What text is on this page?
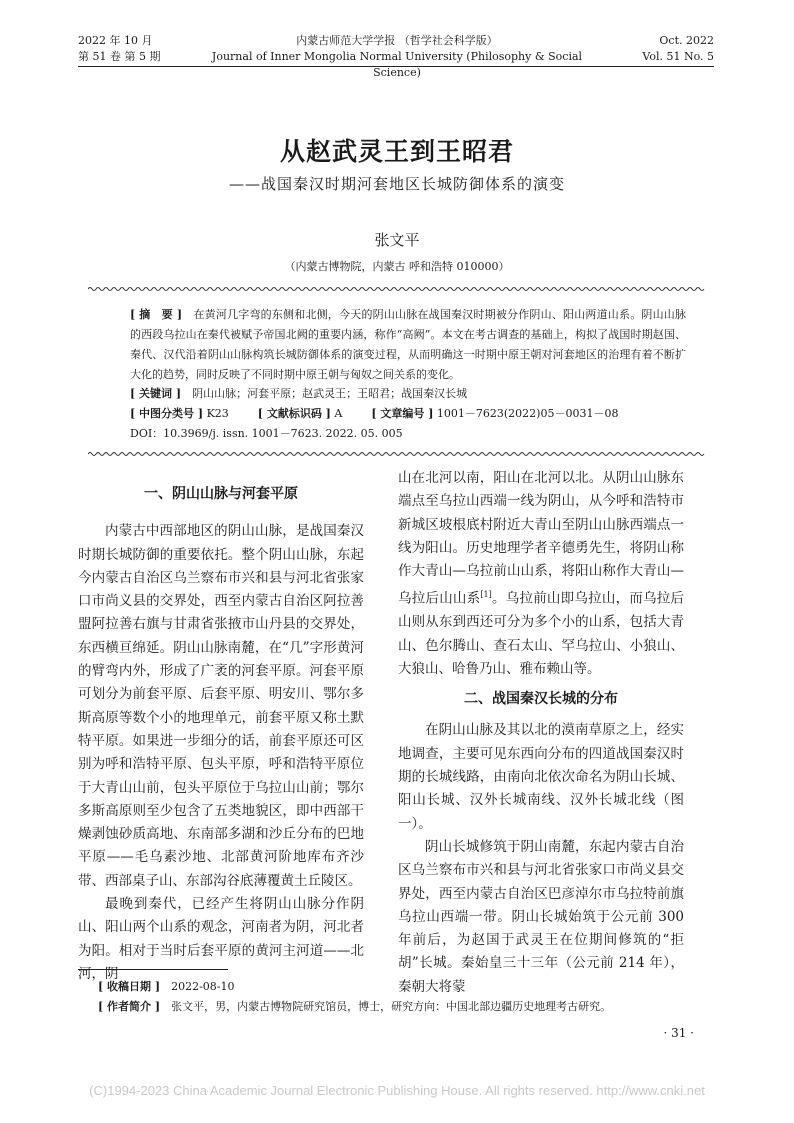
2022 年 10 月
第 51 卷 第 5 期
内蒙古师范大学学报 （哲学社会科学版）
Journal of Inner Mongolia Normal University (Philosophy & Social Science)
Oct. 2022
Vol. 51 No. 5
从赵武灵王到王昭君
——战国秦汉时期河套地区长城防御体系的演变
张文平
（内蒙古博物院，内蒙古 呼和浩特 010000）

[ 摘　要 ]　 在黄河几字弯的东侧和北侧，今天的阴山山脉在战国秦汉时期被分作阴山、阳山两道山系。阴山山脉的西段乌拉山在秦代被赋予帝国北阙的重要内涵，称作“高阙”。本文在考古调查的基础上，构拟了战国时期赵国、秦代、汉代沿着阴山山脉构筑长城防御体系的演变过程，从而明确这一时期中原王朝对河套地区的治理有着不断扩大化的趋势，同时反映了不同时期中原王朝与匈奴之间关系的变化。

[ 关键词 ]　 阴山山脉；河套平原；赵武灵王；王昭君；战国秦汉长城
[ 中图分类号 ] K23	[ 文献标识码 ] A	[ 文章编号 ] 1001－7623(2022)05－0031－08
DOI：10.3969/j. issn. 1001－7623. 2022. 05. 005

一、阴山山脉与河套平原

内蒙古中西部地区的阴山山脉，是战国秦汉时期长城防御的重要依托。整个阴山山脉，东起今内蒙古自治区乌兰察布市兴和县与河北省张家口市尚义县的交界处，西至内蒙古自治区阿拉善盟阿拉善右旗与甘肃省张掖市山丹县的交界处，东西横亘绵延。阴山山脉南麓，在“几”字形黄河的臂弯内外，形成了广袤的河套平原。河套平原可划分为前套平原、后套平原、明安川、鄂尔多斯高原等数个小的地理单元，前套平原又称土默特平原。如果进一步细分的话，前套平原还可区别为呼和浩特平原、包头平原，呼和浩特平原位于大青山山前，包头平原位于乌拉山山前；鄂尔多斯高原则至少包含了五类地貌区，即中西部干燥剥蚀砂质高地、东南部多湖和沙丘分布的巴地平原——毛乌素沙地、北部黄河阶地库布齐沙带、西部桌子山、东部沟谷底薄覆黄土丘陵区。

最晚到秦代，已经产生将阴山山脉分作阴山、阳山两个山系的观念，河南者为阴，河北者为阳。相对于当时后套平原的黄河主河道——北河，阴

山在北河以南，阳山在北河以北。从阴山山脉东端点至乌拉山西端一线为阴山，从今呼和浩特市新城区坡根底村附近大青山至阴山山脉西端点一线为阳山。历史地理学者辛德勇先生，将阴山称作大青山—乌拉前山山系，将阳山称作大青山—乌拉后山山系[1]。乌拉前山即乌拉山，而乌拉后山则从东到西还可分为多个小的山系，包括大青山、色尔腾山、查石太山、罕乌拉山、小狼山、大狼山、哈鲁乃山、雅布赖山等。

二、战国秦汉长城的分布

在阴山山脉及其以北的漠南草原之上，经实地调查，主要可见东西向分布的四道战国秦汉时期的长城线路，由南向北依次命名为阴山长城、阳山长城、汉外长城南线、汉外长城北线（图一）。

阴山长城修筑于阴山南麓，东起内蒙古自治区乌兰察布市兴和县与河北省张家口市尚义县交界处，西至内蒙古自治区巴彦淖尔市乌拉特前旗乌拉山西端一带。阴山长城始筑于公元前 300 年前后，为赵国于武灵王在位期间修筑的“拒胡”长城。秦始皇三十三年（公元前 214 年），秦朝大将蒙

[ 收稿日期 ]　 2022-08-10
[ 作者简介 ]　 张文平，男，内蒙古博物院研究馆员，博士，研究方向：中国北部边疆历史地理考古研究。
· 31 ·
(C)1994-2023 China Academic Journal Electronic Publishing House. All rights reserved. http://www.cnki.net
